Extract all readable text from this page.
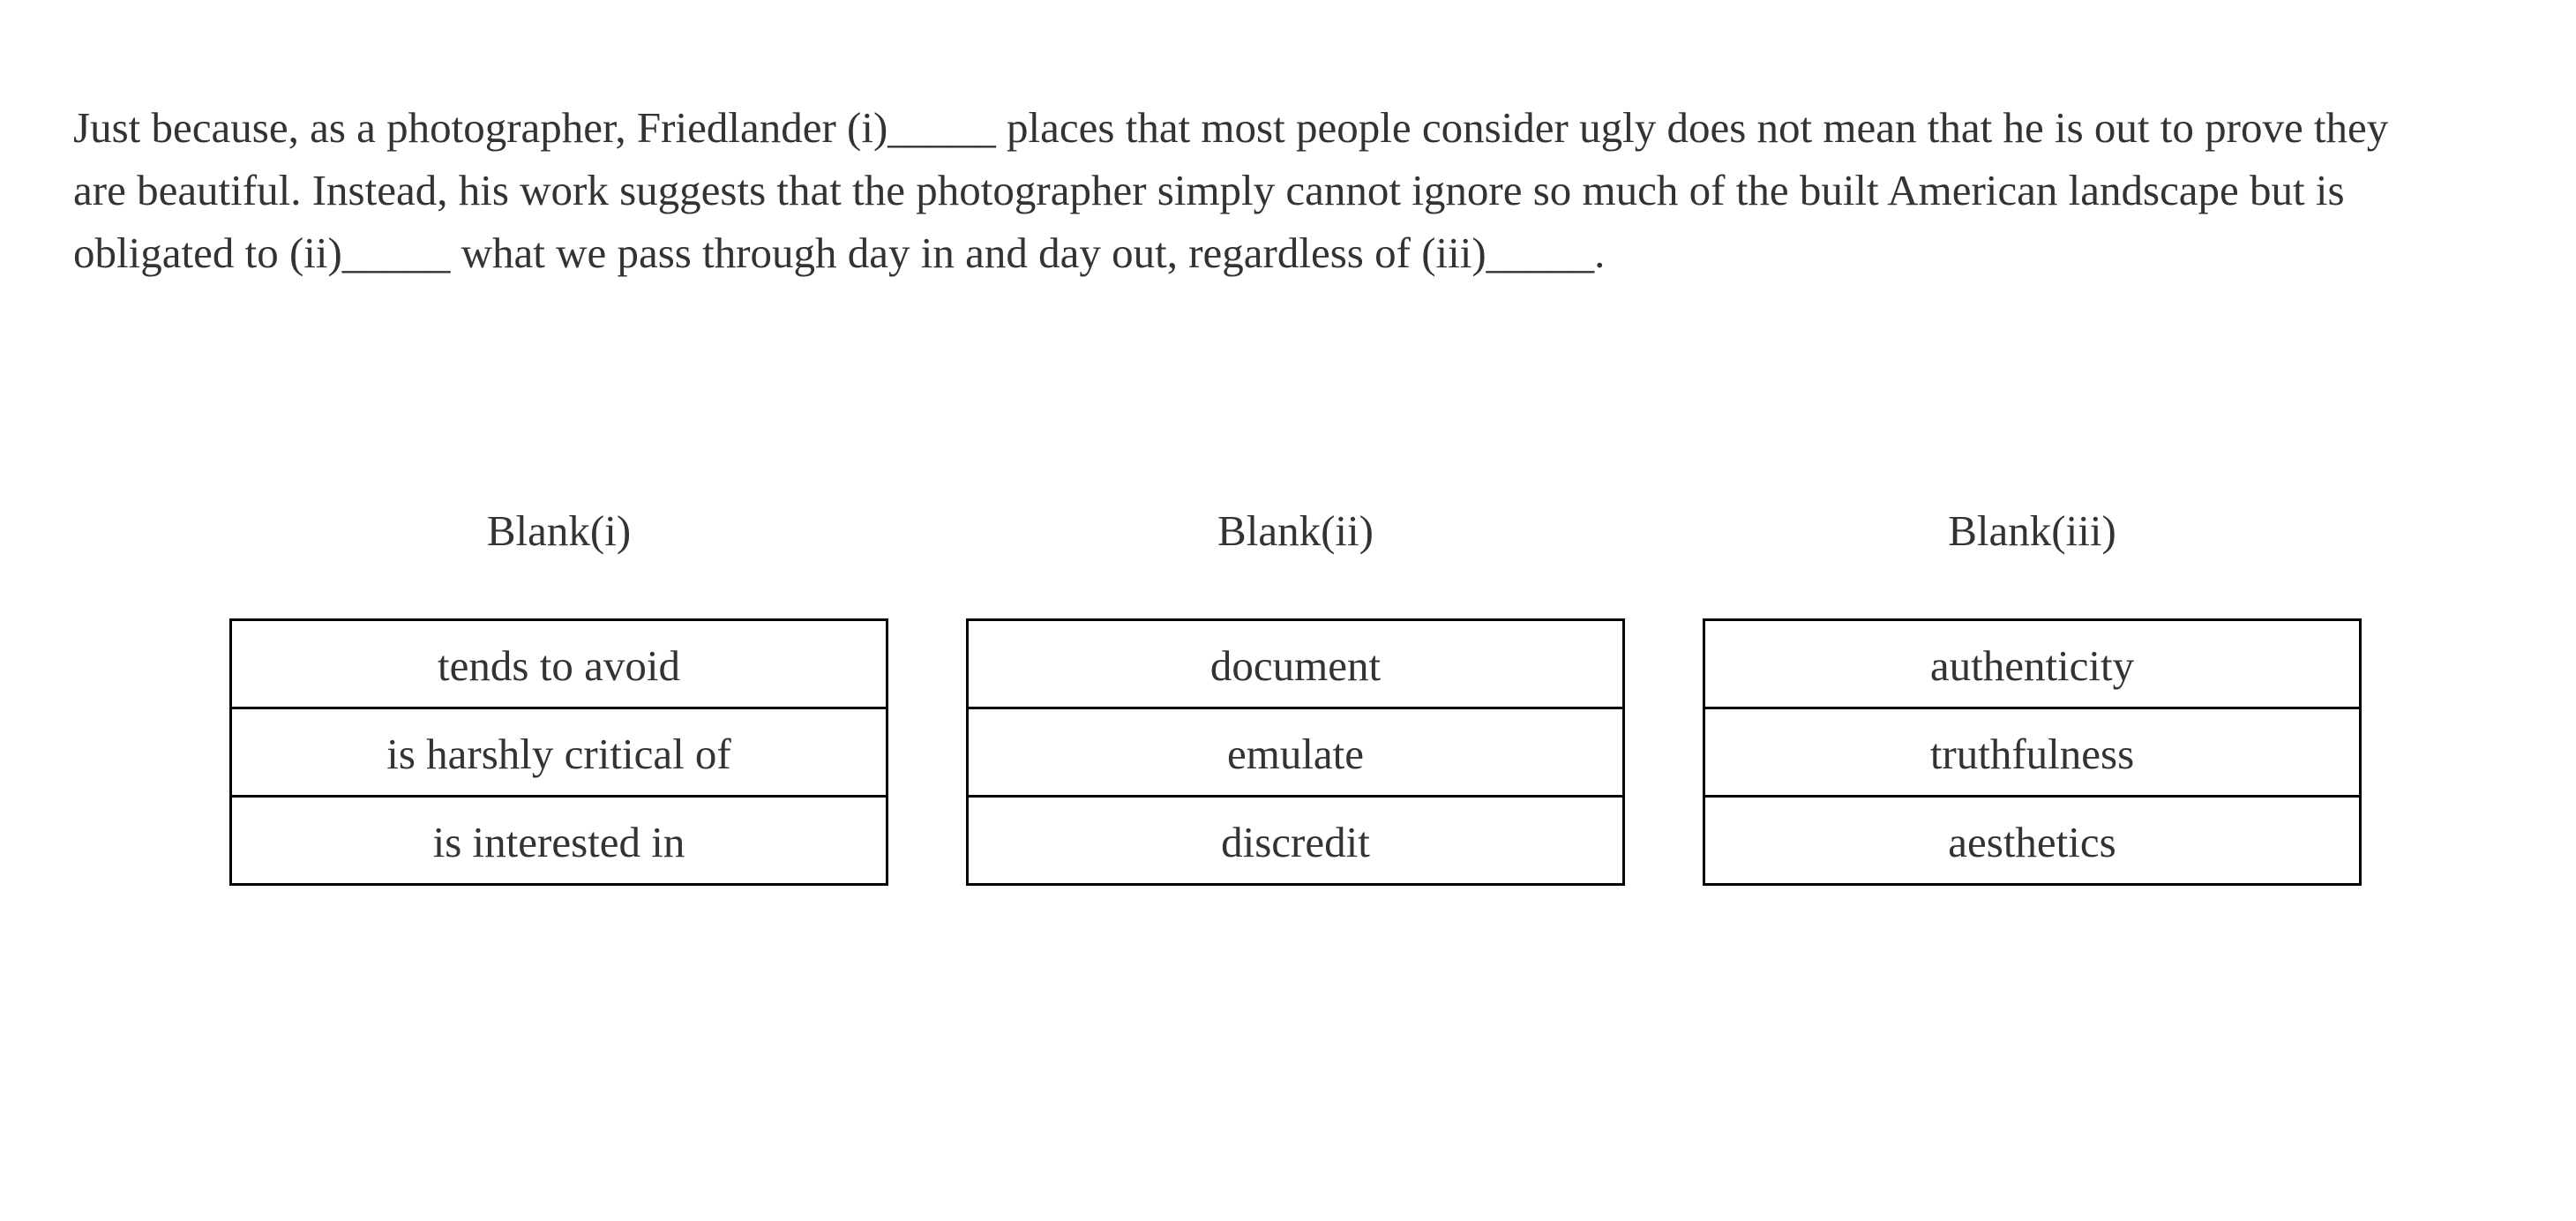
Just because, as a photographer, Friedlander (i)_____ places that most people consider ugly does not mean that he is out to prove they
are beautiful. Instead, his work suggests that the photographer simply cannot ignore so much of the built American landscape but is
obligated to (ii)_____ what we pass through day in and day out, regardless of (iii)_____.

Blank(i)
tends to avoid
is harshly critical of
is interested in
Blank(ii)
document
emulate
discredit
Blank(iii)
authenticity
truthfulness
aesthetics
